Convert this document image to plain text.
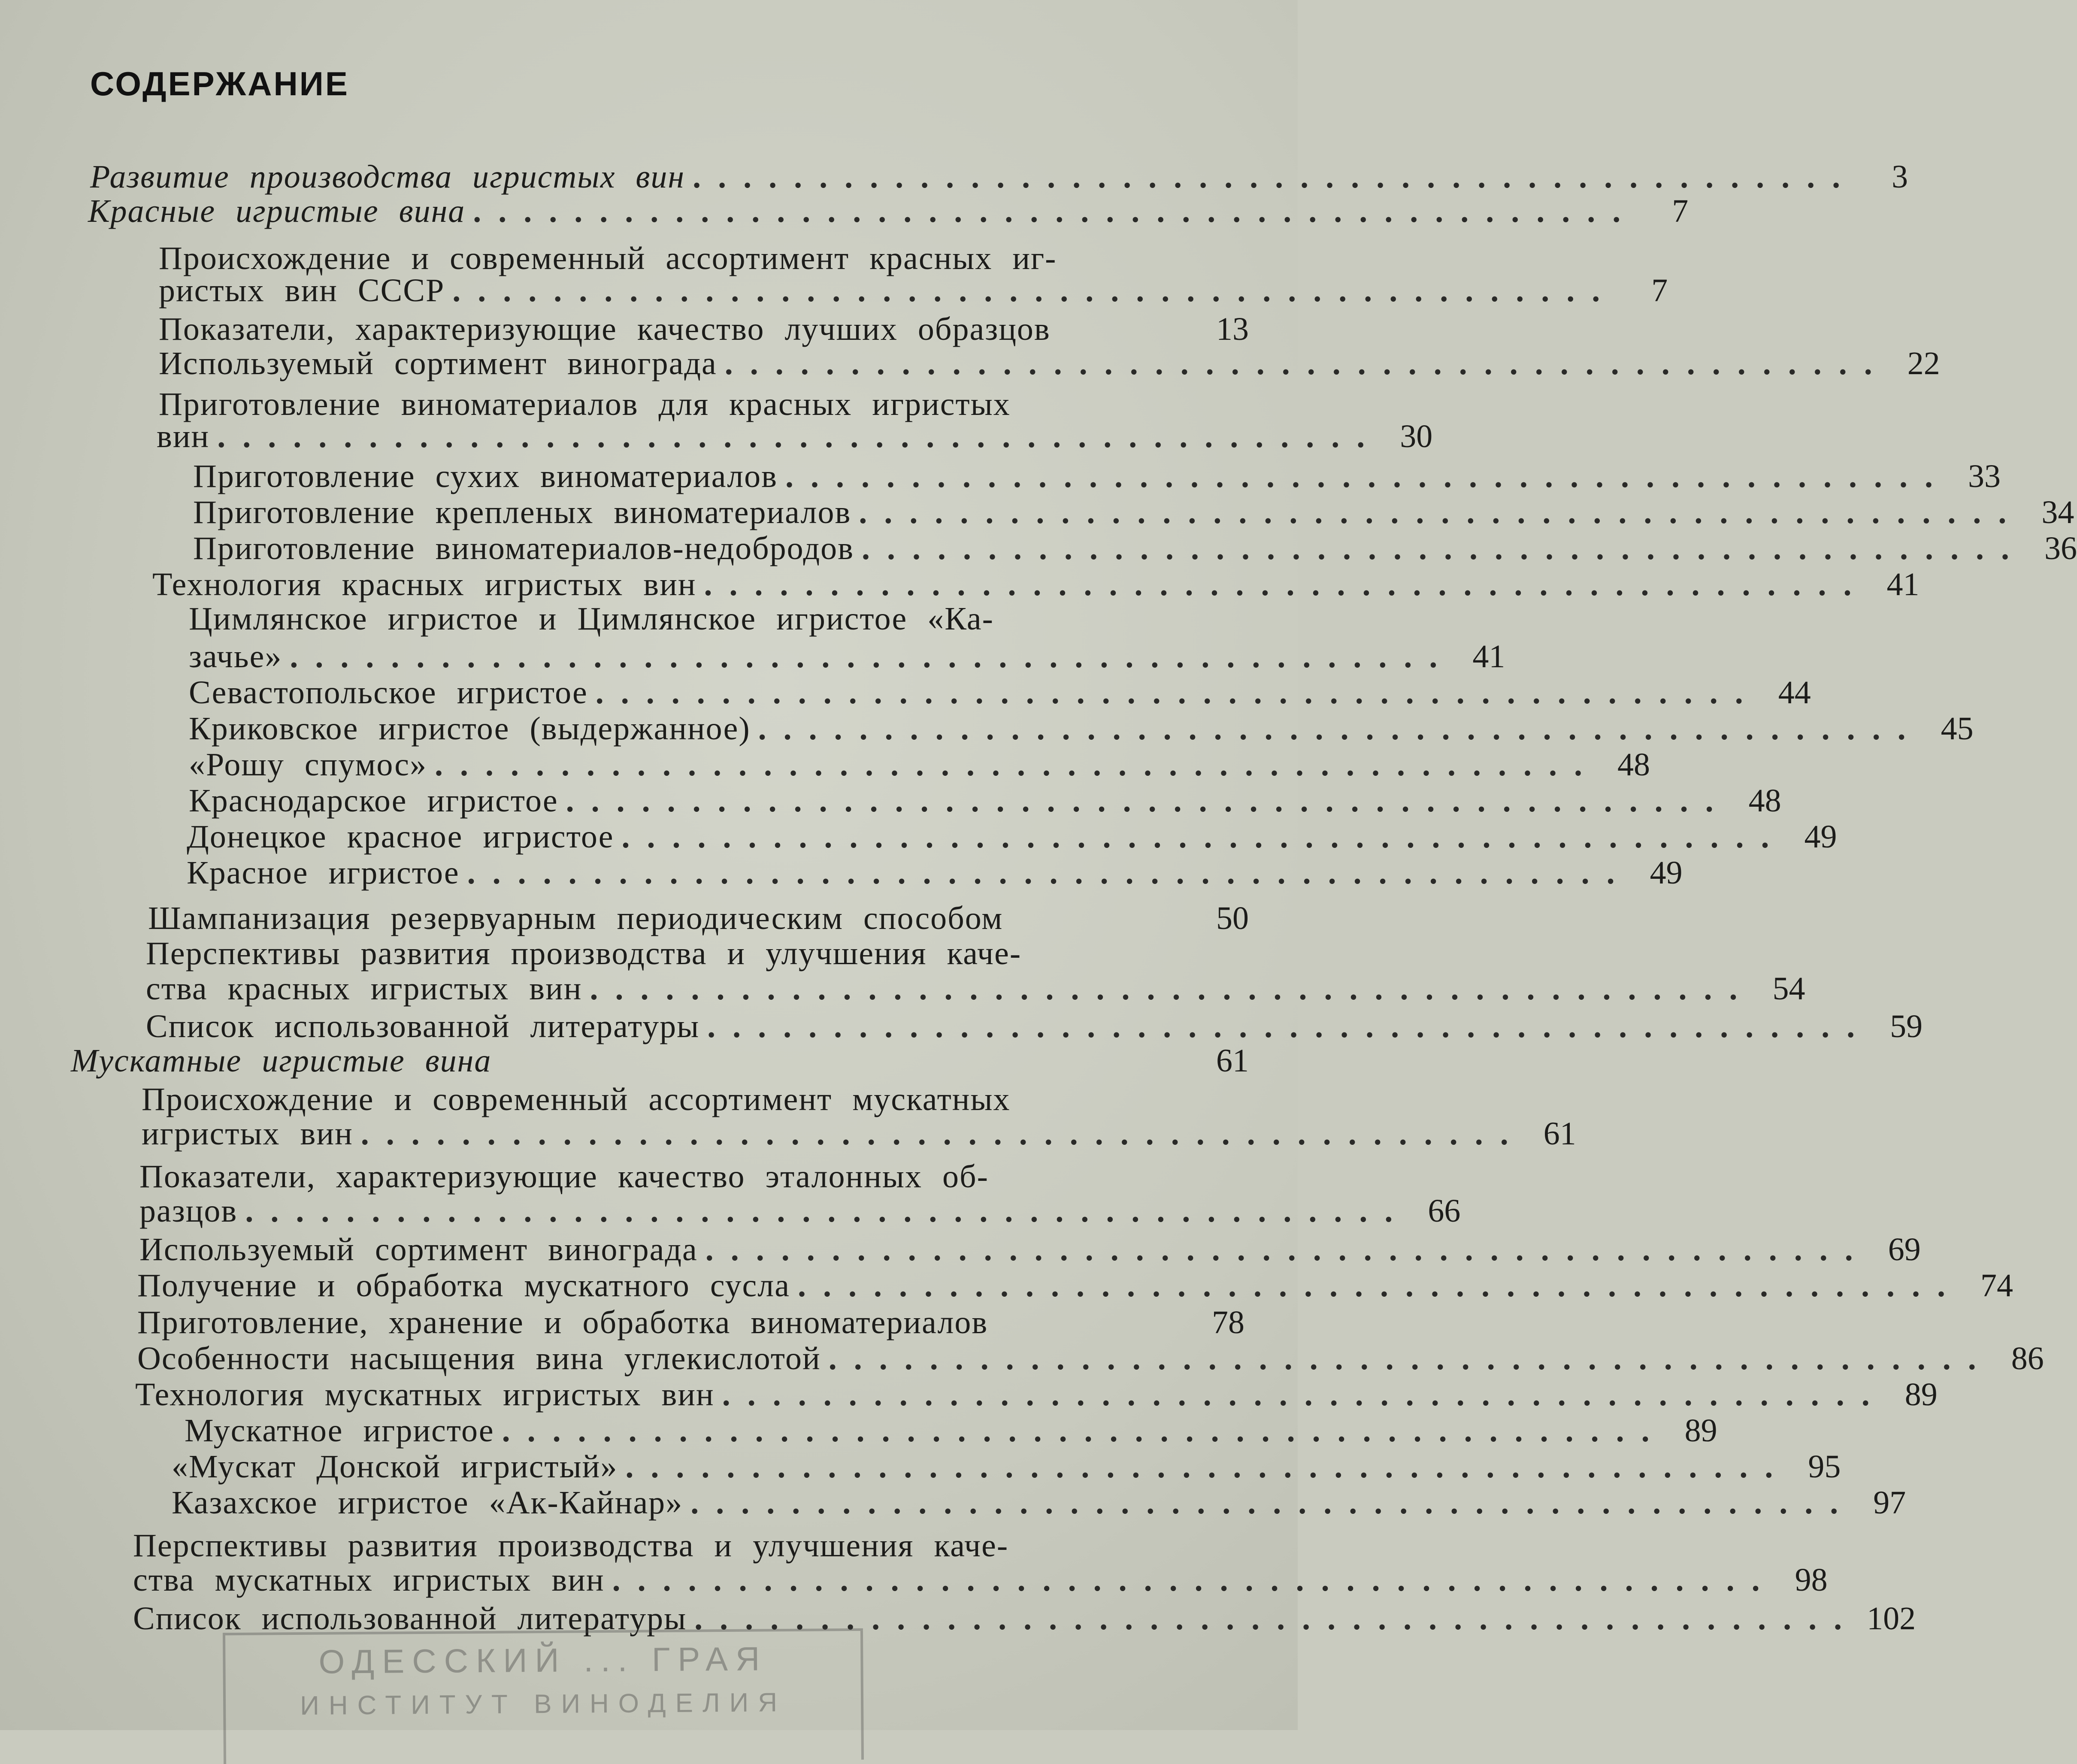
СОДЕРЖАНИЕ
Развитие производства игристых вин ..............................................	3
Красные игристые вина ..............................................	7
Происхождение и современный ассортимент красных иг-
ристых вин СССР ..............................................	7
Показатели, характеризующие качество лучших образцов	13
Используемый сортимент винограда .............................................. 22
Приготовление виноматериалов для красных игристых
вин .............................................. 30
Приготовление сухих виноматериалов .............................................. 33
Приготовление крепленых виноматериалов .............................................. 34
Приготовление виноматериалов-недобродов .............................................. 36
Технология красных игристых вин .............................................. 41
Цимлянское игристое и Цимлянское игристое «Ка-
зачье» .............................................. 41
Севастопольское игристое .............................................. 44
Криковское игристое (выдержанное) .............................................. 45
«Рошу спумос» .............................................. 48
Краснодарское игристое .............................................. 48
Донецкое красное игристое .............................................. 49
Красное игристое .............................................. 49
Шампанизация резервуарным периодическим способом	50
Перспективы развития производства и улучшения каче-
ства красных игристых вин .............................................. 54
Список использованной литературы .............................................. 59
Мускатные игристые вина	61
Происхождение и современный ассортимент мускатных
игристых вин .............................................. 61
Показатели, характеризующие качество эталонных об-
разцов .............................................. 66
Используемый сортимент винограда .............................................. 69
Получение и обработка мускатного сусла .............................................. 74
Приготовление, хранение и обработка виноматериалов	78
Особенности насыщения вина углекислотой .............................................. 86
Технология мускатных игристых вин .............................................. 89
Мускатное игристое .............................................. 89
«Мускат Донской игристый» .............................................. 95
Казахское игристое «Ак-Кайнар» .............................................. 97
Перспективы развития производства и улучшения каче-
ства мускатных игристых вин .............................................. 98
Список использованной литературы .............................................. 102
ОДЕССКИЙ ... ГРАЯ
ИНСТИТУТ ВИНОДЕЛИЯ
